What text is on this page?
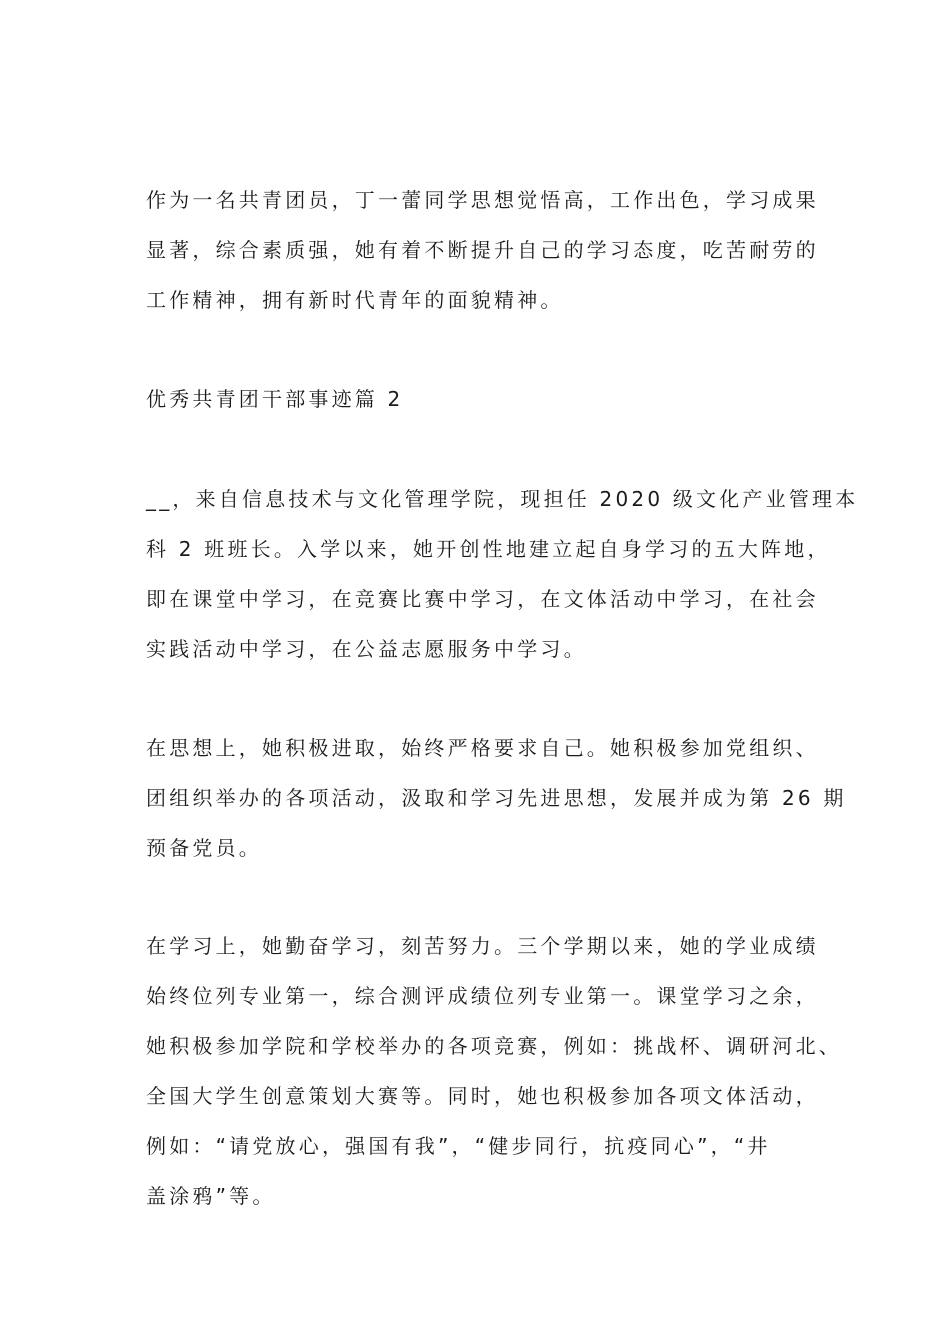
作为一名共青团员，丁一蕾同学思想觉悟高，工作出色，学习成果
显著，综合素质强，她有着不断提升自己的学习态度，吃苦耐劳的
工作精神，拥有新时代青年的面貌精神。
优秀共青团干部事迹篇 2
__，来自信息技术与文化管理学院，现担任 2020 级文化产业管理本
科 2 班班长。入学以来，她开创性地建立起自身学习的五大阵地，
即在课堂中学习，在竞赛比赛中学习，在文体活动中学习，在社会
实践活动中学习，在公益志愿服务中学习。
在思想上，她积极进取，始终严格要求自己。她积极参加党组织、
团组织举办的各项活动，汲取和学习先进思想，发展并成为第 26 期
预备党员。
在学习上，她勤奋学习，刻苦努力。三个学期以来，她的学业成绩
始终位列专业第一，综合测评成绩位列专业第一。课堂学习之余，
她积极参加学院和学校举办的各项竞赛，例如：挑战杯、调研河北、
全国大学生创意策划大赛等。同时，她也积极参加各项文体活动，
例如：“请党放心，强国有我”，“健步同行，抗疫同心”，“井
盖涂鸦”等。
